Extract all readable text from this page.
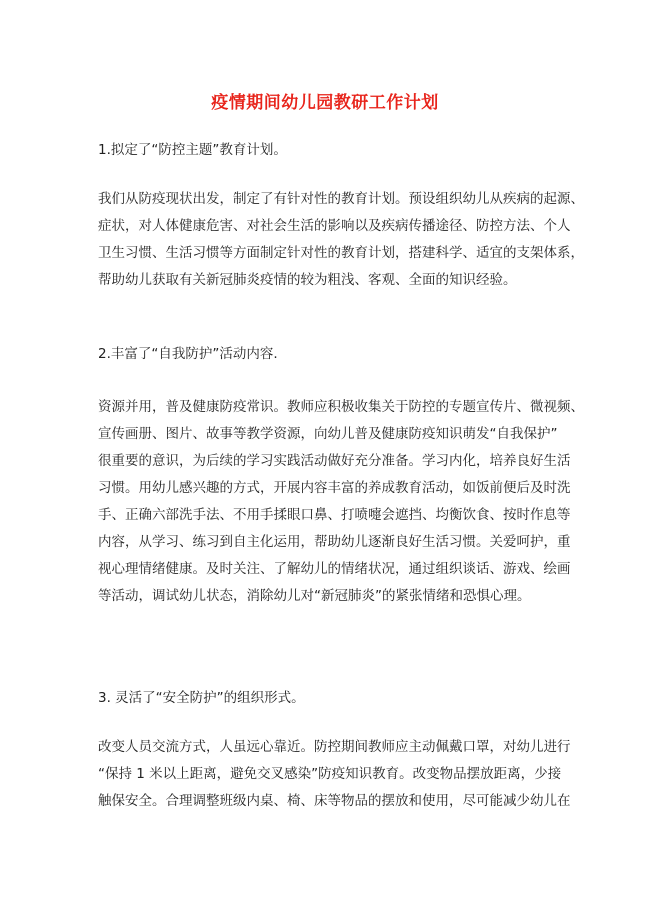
疫情期间幼儿园教研工作计划
1.拟定了“防控主题”教育计划。
我们从防疫现状出发，制定了有针对性的教育计划。预设组织幼儿从疾病的起源、
症状，对人体健康危害、对社会生活的影响以及疾病传播途径、防控方法、个人
卫生习惯、生活习惯等方面制定针对性的教育计划，搭建科学、适宜的支架体系，
帮助幼儿获取有关新冠肺炎疫情的较为粗浅、客观、全面的知识经验。
2.丰富了“自我防护”活动内容.
资源并用，普及健康防疫常识。教师应积极收集关于防控的专题宣传片、微视频、
宣传画册、图片、故事等教学资源，向幼儿普及健康防疫知识萌发“自我保护”
很重要的意识，为后续的学习实践活动做好充分准备。学习内化，培养良好生活
习惯。用幼儿感兴趣的方式，开展内容丰富的养成教育活动，如饭前便后及时洗
手、正确六部洗手法、不用手揉眼口鼻、打喷嚏会遮挡、均衡饮食、按时作息等
内容，从学习、练习到自主化运用，帮助幼儿逐渐良好生活习惯。关爱呵护，重
视心理情绪健康。及时关注、了解幼儿的情绪状况，通过组织谈话、游戏、绘画
等活动，调试幼儿状态，消除幼儿对“新冠肺炎”的紧张情绪和恐惧心理。
3. 灵活了“安全防护”的组织形式。
改变人员交流方式，人虽远心靠近。防控期间教师应主动佩戴口罩，对幼儿进行
“保持 1 米以上距离，避免交叉感染”防疫知识教育。改变物品摆放距离，少接
触保安全。合理调整班级内桌、椅、床等物品的摆放和使用，尽可能减少幼儿在
